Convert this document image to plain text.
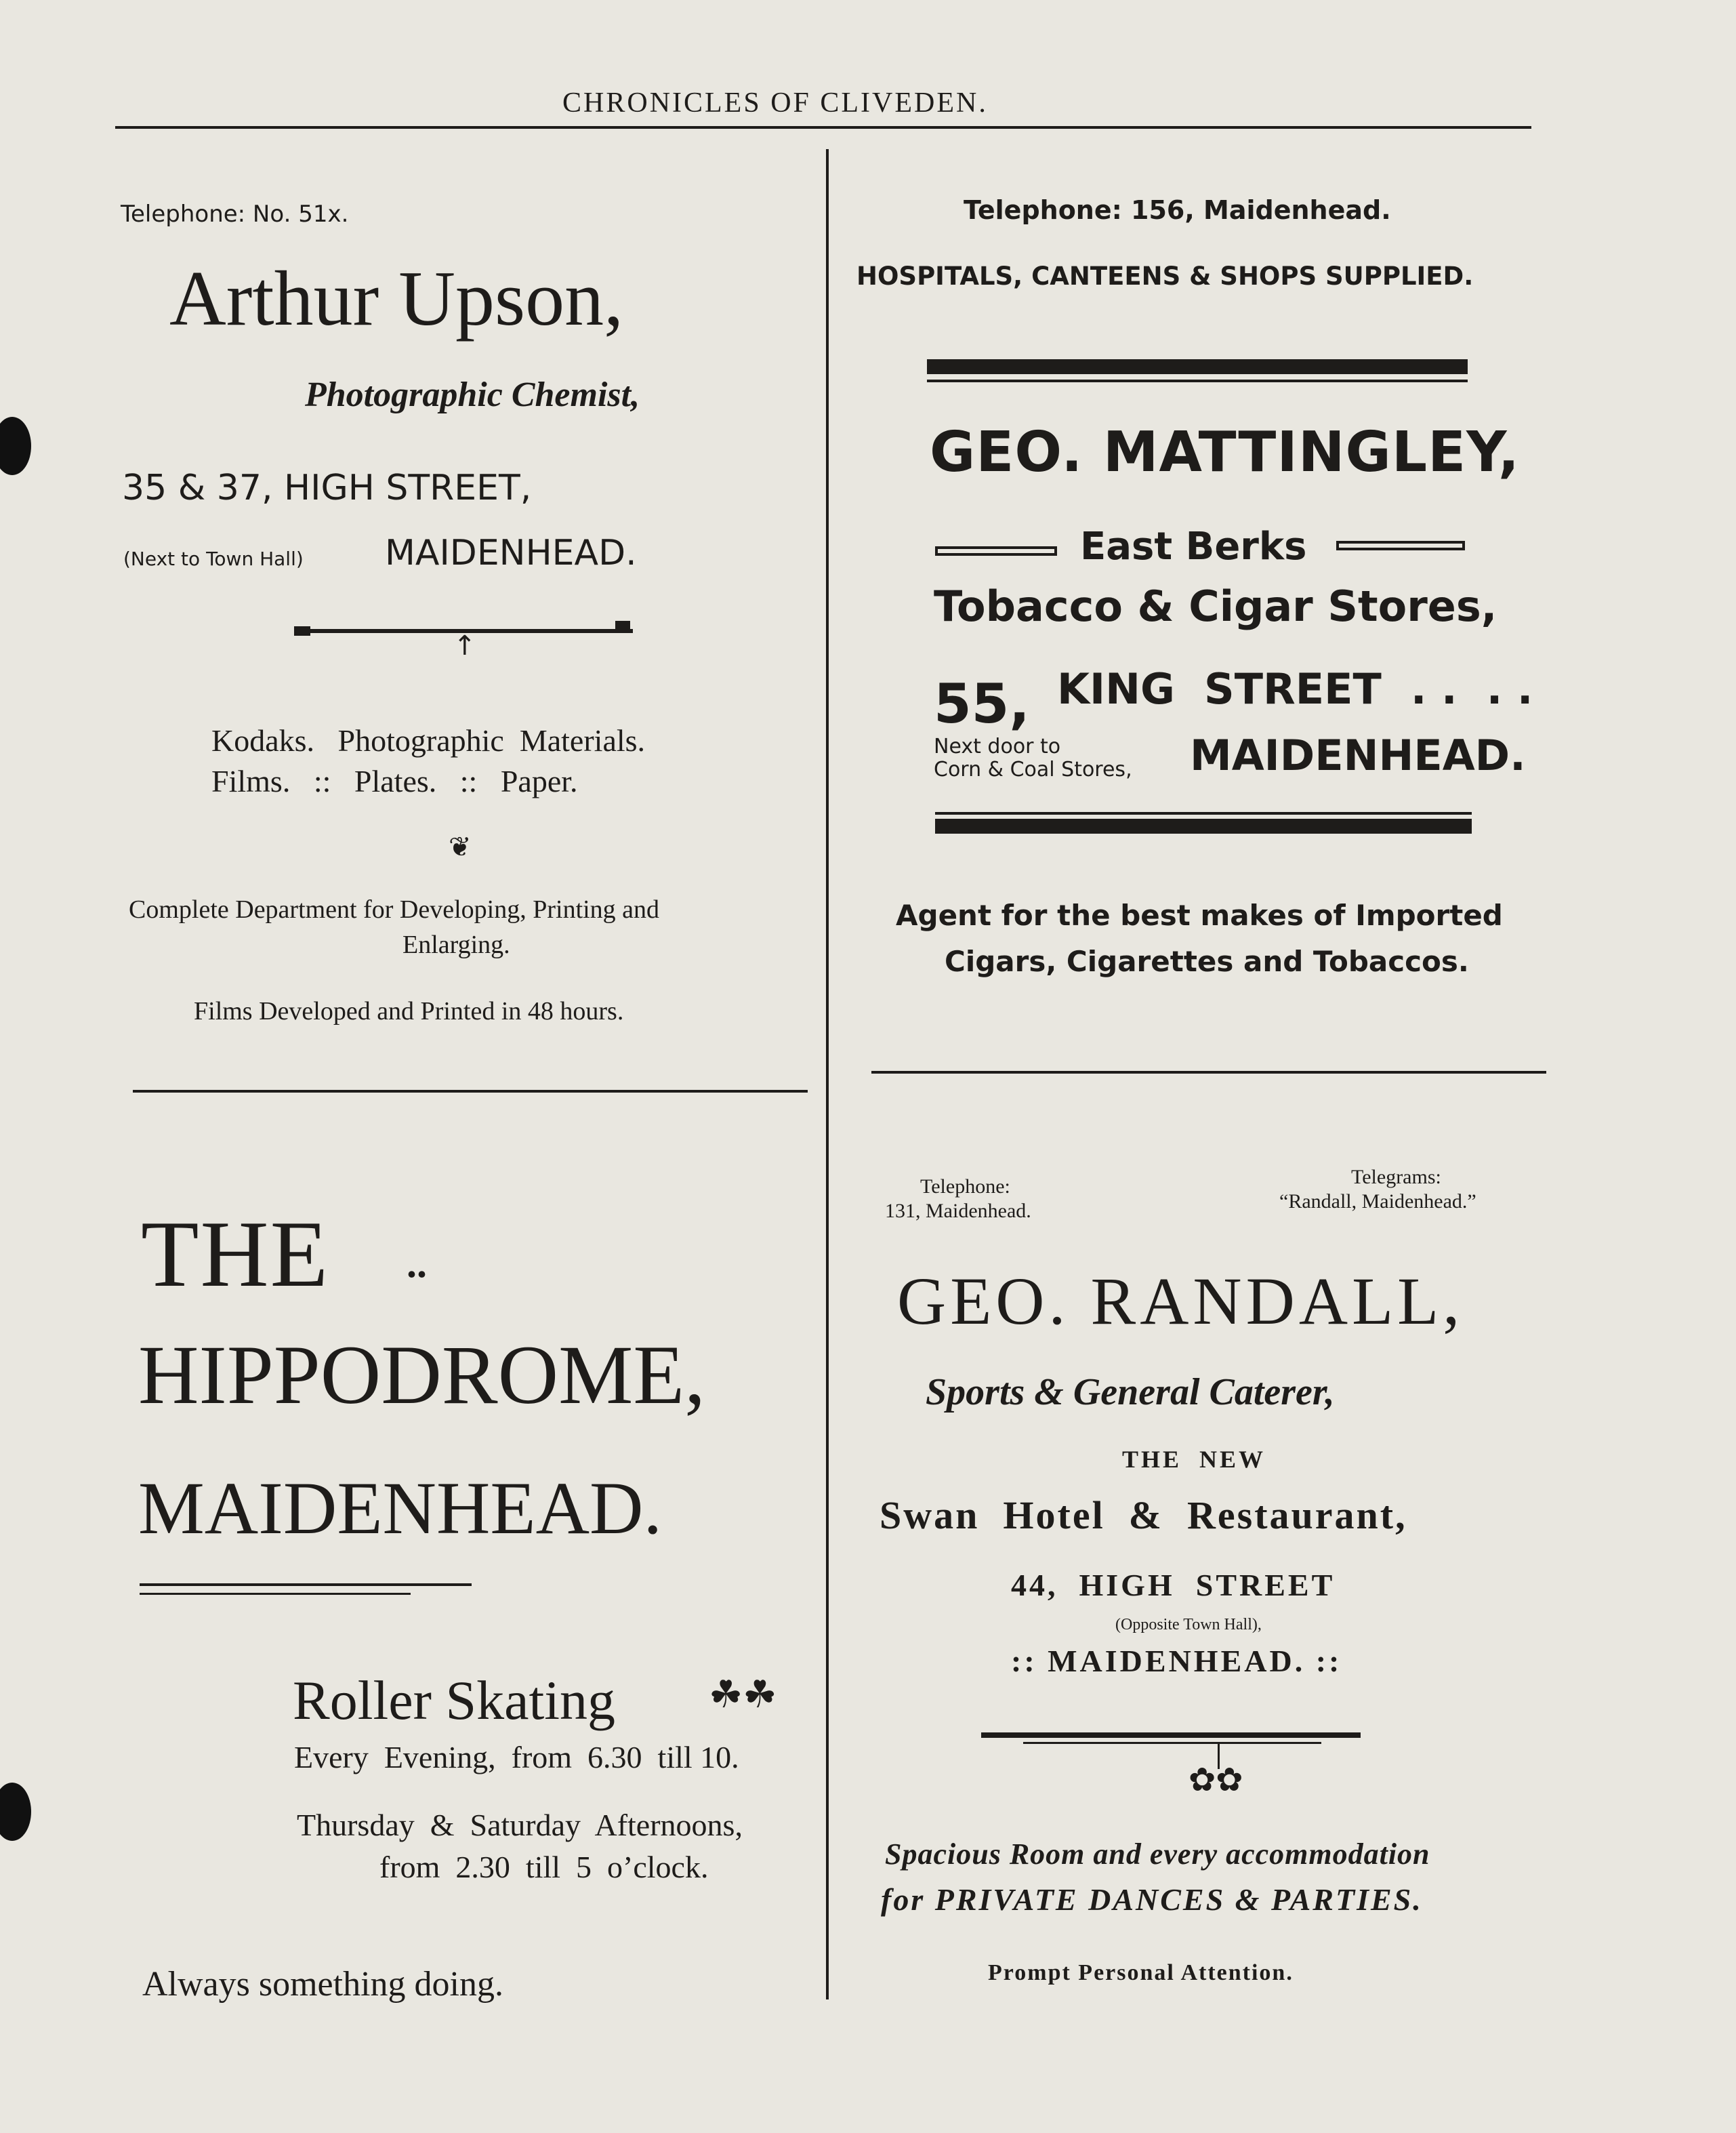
CHRONICLES OF CLIVEDEN.
Telephone: No. 51x.
Arthur Upson,
Photographic Chemist,
35 & 37, HIGH STREET,
(Next to Town Hall) MAIDENHEAD.
↑
Kodaks.   Photographic  Materials.
Films.   ::   Plates.   ::   Paper.
❦
Complete Department for Developing, Printing and
Enlarging.
Films Developed and Printed in 48 hours.
Telephone: 156, Maidenhead.
HOSPITALS, CANTEENS & SHOPS SUPPLIED.
GEO. MATTINGLEY,
East Berks
Tobacco & Cigar Stores,
55, KING  STREET  . .  . .
Next door to
Corn & Coal Stores, MAIDENHEAD.
Agent for the best makes of Imported
Cigars, Cigarettes and Tobaccos.
THE ..
HIPPODROME,
MAIDENHEAD.
Roller Skating ☘☘
Every  Evening,  from  6.30  till 10.
Thursday  &  Saturday  Afternoons,
from  2.30  till  5  o’clock.
Always something doing.
Telephone:
131, Maidenhead.
Telegrams:
“Randall, Maidenhead.”
GEO. RANDALL,
Sports & General Caterer,
THE  NEW
Swan  Hotel  &  Restaurant,
44,  HIGH  STREET
(Opposite Town Hall),
:: MAIDENHEAD. ::
✿✿
Spacious Room and every accommodation
for PRIVATE DANCES & PARTIES.
Prompt Personal Attention.
